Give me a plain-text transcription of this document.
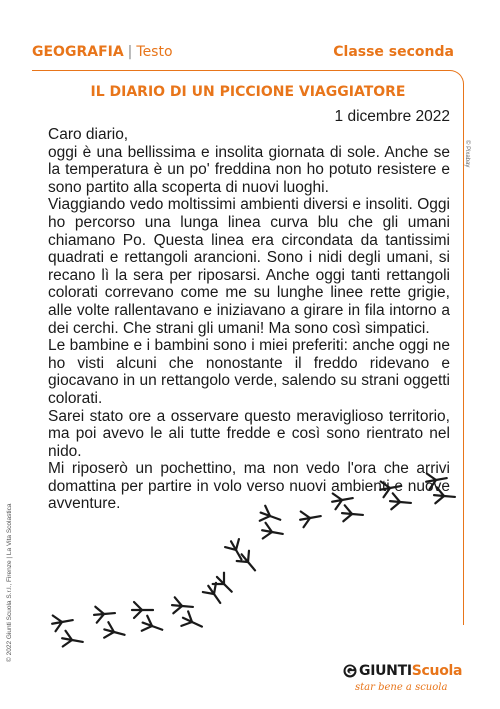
GEOGRAFIA | Testo	Classe seconda
© Pixabay
© 2022 Giunti Scuola S.r.l., Firenze | La Vita Scolastica
IL DIARIO DI UN PICCIONE VIAGGIATORE
1 dicembre 2022

Caro diario,

oggi è una bellissima e insolita giornata di sole. Anche se la temperatura è un po' freddina non ho potuto resistere e sono partito alla scoperta di nuovi luoghi.

Viaggiando vedo moltissimi ambienti diversi e insoliti. Oggi ho percorso una lunga linea curva blu che gli umani chiamano Po. Questa linea era circondata da tantissimi quadrati e rettangoli arancioni. Sono i nidi degli umani, si recano lì la sera per riposarsi. Anche oggi tanti rettangoli colorati correvano come me su lunghe linee rette grigie, alle volte rallentavano e iniziavano a girare in fila intorno a dei cerchi. Che strani gli umani! Ma sono così simpatici.

Le bambine e i bambini sono i miei preferiti: anche oggi ne ho visti alcuni che nonostante il freddo ridevano e giocavano in un rettangolo verde, salendo su strani oggetti colorati.

Sarei stato ore a osservare questo meraviglioso territorio, ma poi avevo le ali tutte fredde e così sono rientrato nel nido.

Mi riposerò un pochettino, ma non vedo l'ora che arrivi domattina per partire in volo verso nuovi ambienti e nuove avventure.

GIUNTIScuola
star bene a scuola
